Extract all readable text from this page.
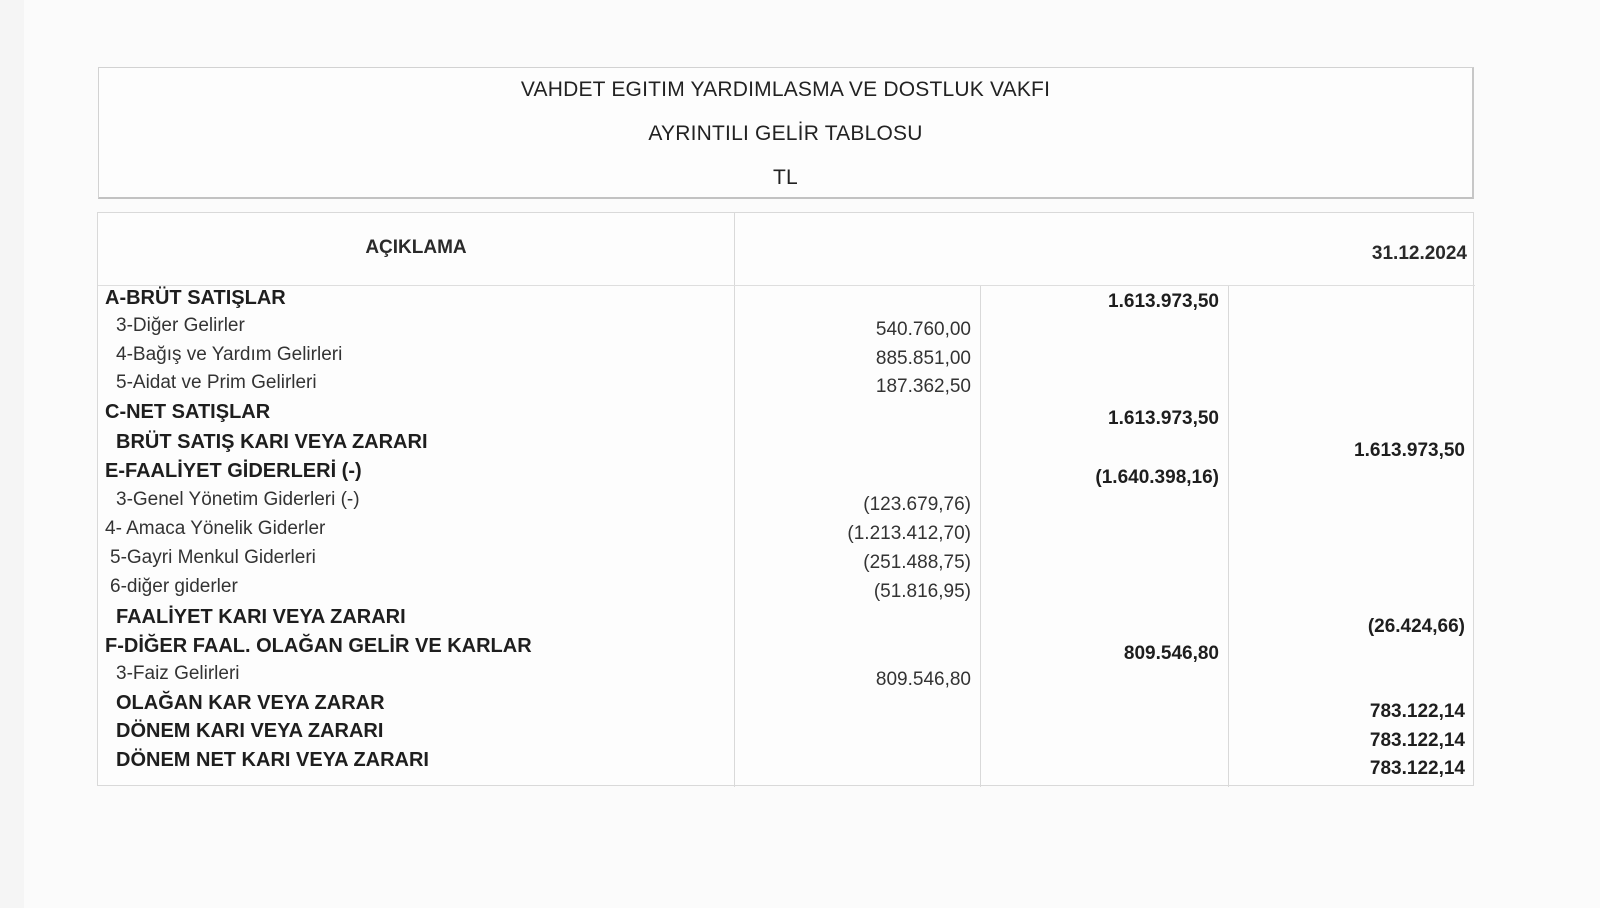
VAHDET EGITIM YARDIMLASMA VE DOSTLUK VAKFI
AYRINTILI GELİR TABLOSU
TL
AÇIKLAMA	31.12.2024
A-BRÜT SATIŞLAR	1.613.973,50
3-Diğer Gelirler	540.760,00
4-Bağış ve Yardım Gelirleri	885.851,00
5-Aidat ve Prim Gelirleri	187.362,50
C-NET SATIŞLAR	1.613.973,50
BRÜT SATIŞ KARI VEYA ZARARI	1.613.973,50
E-FAALİYET GİDERLERİ (-)	(1.640.398,16)
3-Genel Yönetim Giderleri (-)	(123.679,76)
4- Amaca Yönelik Giderler	(1.213.412,70)
5-Gayri Menkul Giderleri	(251.488,75)
6-diğer giderler	(51.816,95)
FAALİYET KARI VEYA ZARARI	(26.424,66)
F-DİĞER FAAL. OLAĞAN GELİR VE KARLAR	809.546,80
3-Faiz Gelirleri	809.546,80
OLAĞAN KAR VEYA ZARAR	783.122,14
DÖNEM KARI VEYA ZARARI	783.122,14
DÖNEM NET KARI VEYA ZARARI	783.122,14
